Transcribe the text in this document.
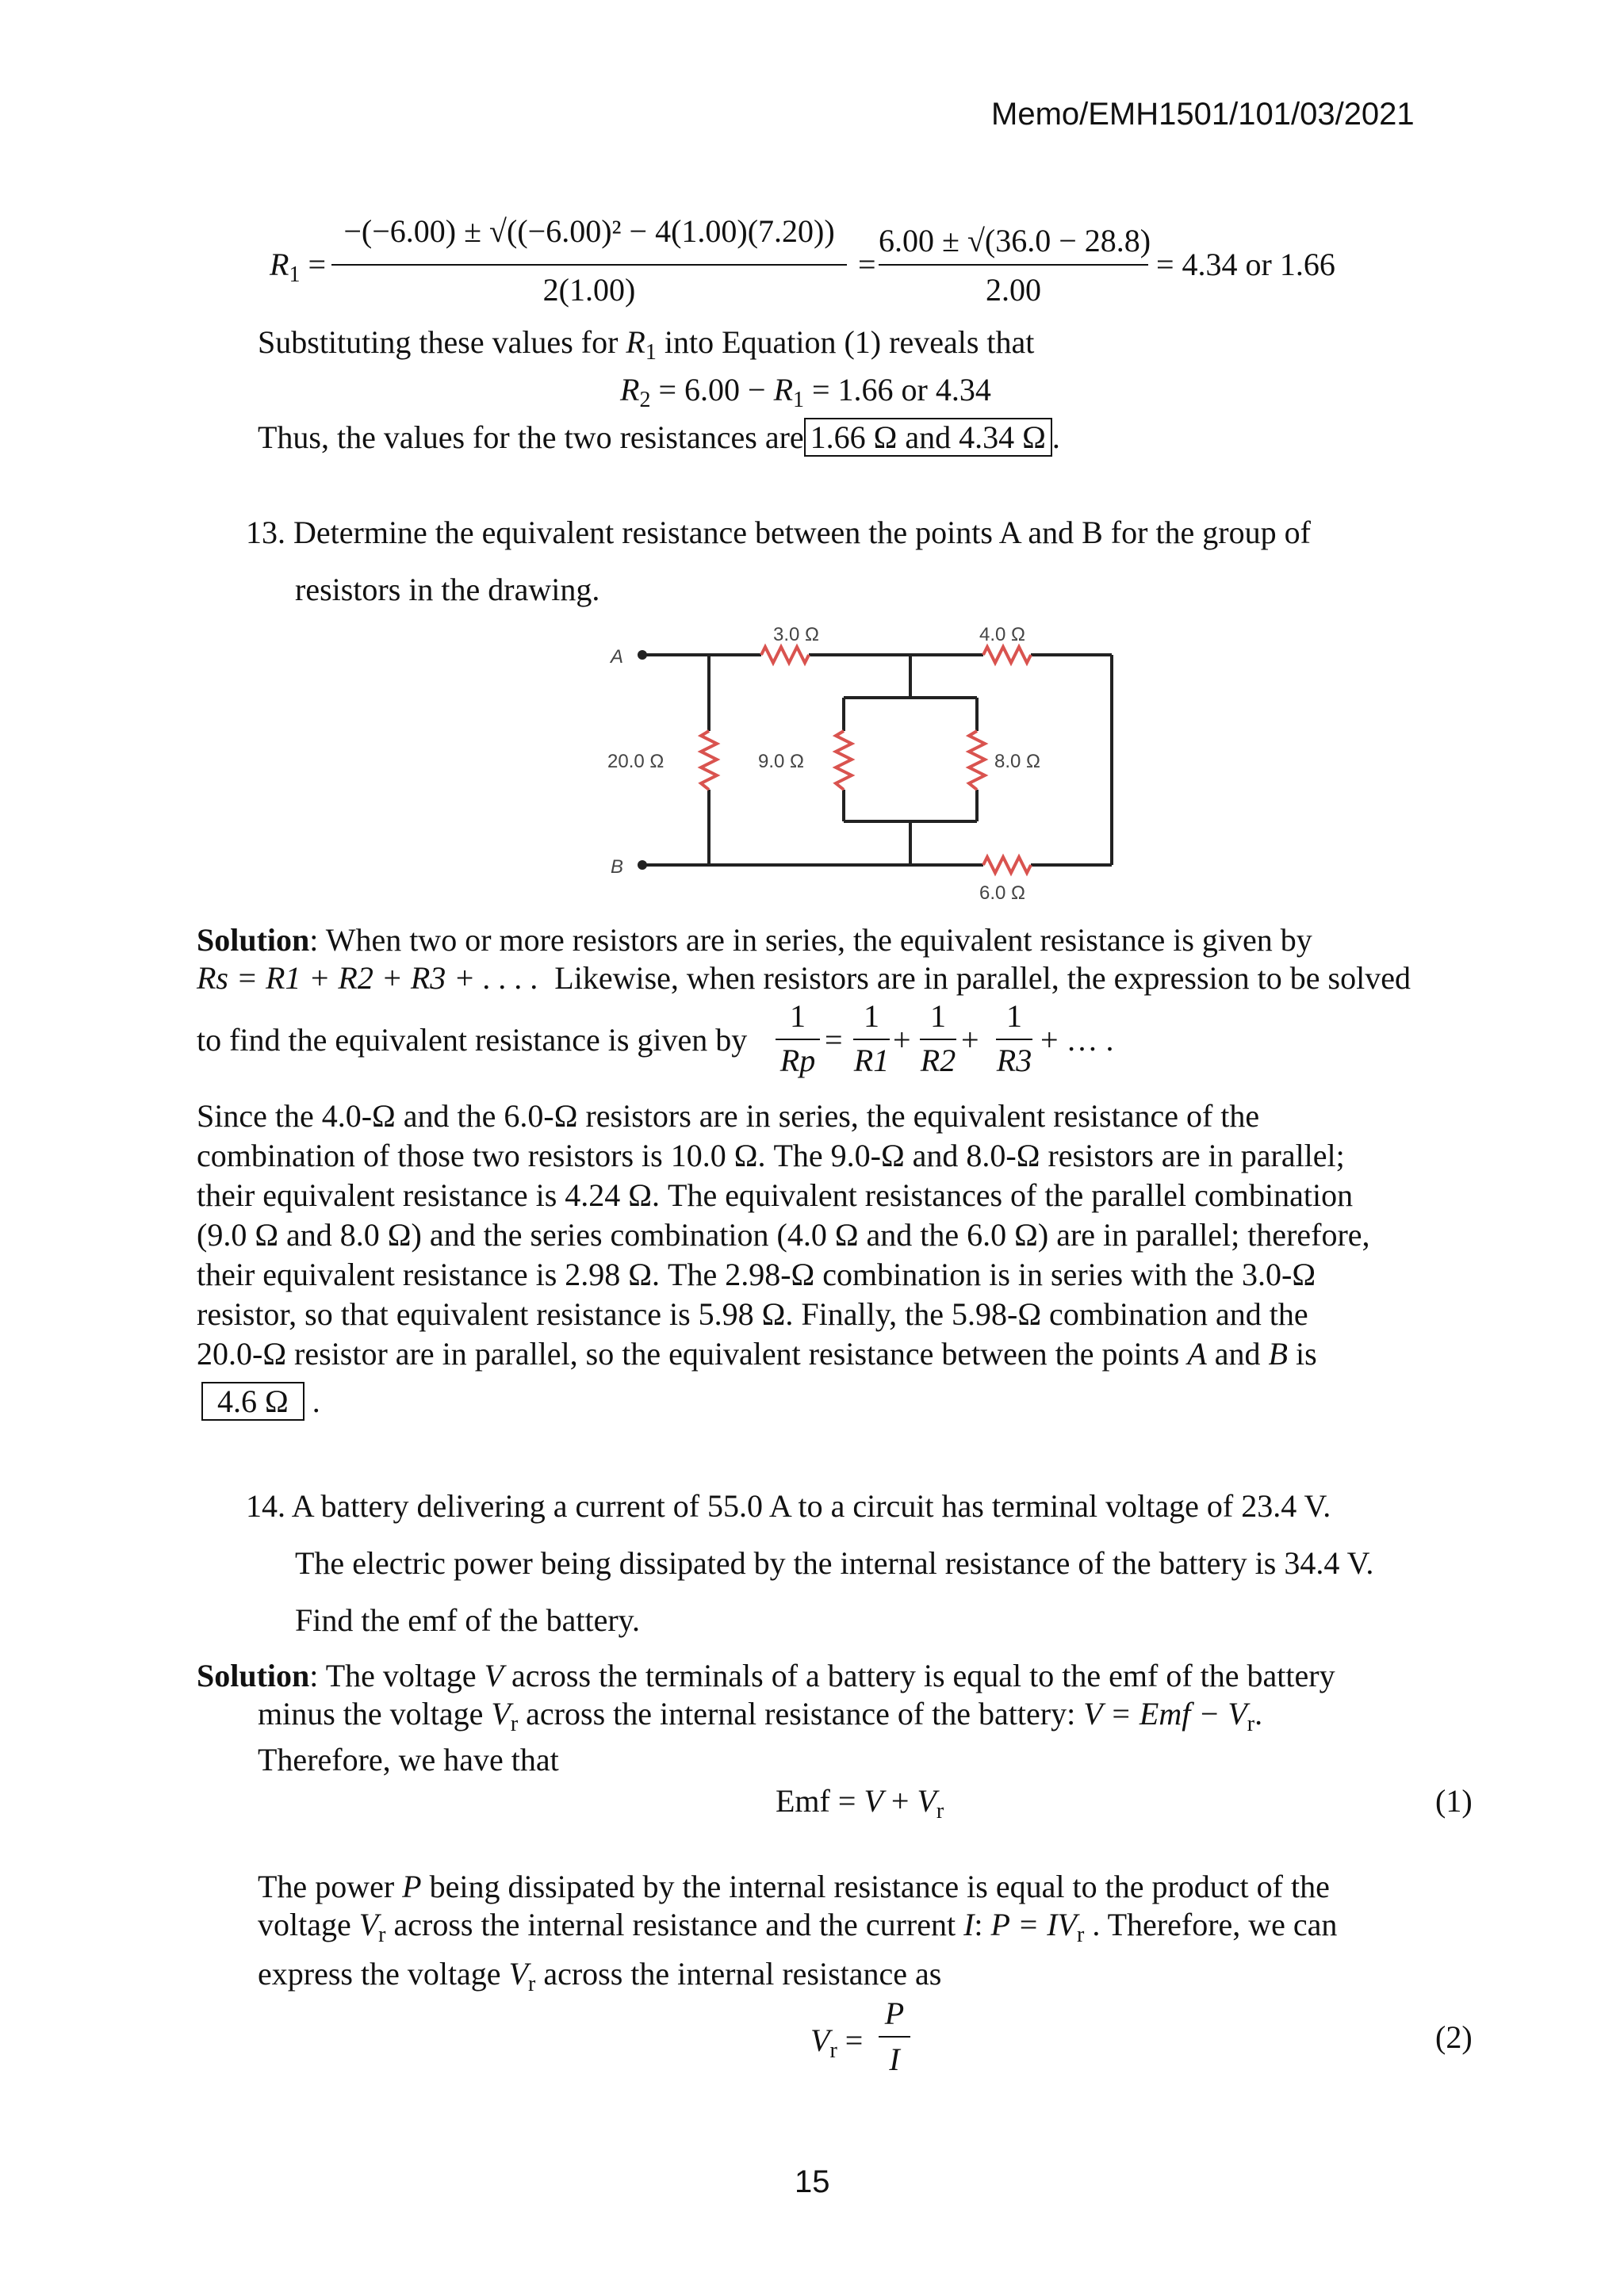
Memo/EMH1501/101/03/2021
$R_1$ =
−(−6.00) ± √((−6.00)² − 4(1.00)(7.20))
2(1.00)
=
6.00 ± √(36.0 − 28.8)
2.00
= 4.34 or 1.66
Substituting these values for $R_1$ into Equation (1) reveals that
$R_2 = 6.00 - R_1 = 1.66$ or 4.34
Thus, the values for the two resistances are 1.66 Ω and 4.34 Ω .
13. Determine the equivalent resistance between the points A and B for the group of
resistors in the drawing.
A
B
3.0 Ω	4.0 Ω
20.0 Ω	9.0 Ω	8.0 Ω
6.0 Ω
Solution: When two or more resistors are in series, the equivalent resistance is given by
Rs = R1 + R2 + R3 + . . . . Likewise, when resistors are in parallel, the expression to be solved
to find the equivalent resistance is given by
1
Rp
=
1
R1
+
1
R2
+
1
R3
+ … .
Since the 4.0-Ω and the 6.0-Ω resistors are in series, the equivalent resistance of the
combination of those two resistors is 10.0 Ω. The 9.0-Ω and 8.0-Ω resistors are in parallel;
their equivalent resistance is 4.24 Ω. The equivalent resistances of the parallel combination
(9.0 Ω and 8.0 Ω) and the series combination (4.0 Ω and the 6.0 Ω) are in parallel; therefore,
their equivalent resistance is 2.98 Ω. The 2.98-Ω combination is in series with the 3.0-Ω
resistor, so that equivalent resistance is 5.98 Ω. Finally, the 5.98-Ω combination and the
20.0-Ω resistor are in parallel, so the equivalent resistance between the points A and B is
4.6 Ω .
14. A battery delivering a current of 55.0 A to a circuit has terminal voltage of 23.4 V.
The electric power being dissipated by the internal resistance of the battery is 34.4 V.
Find the emf of the battery.
Solution: The voltage V across the terminals of a battery is equal to the emf of the battery
minus the voltage $V_r$ across the internal resistance of the battery: V = Emf − $V_r$.
Therefore, we have that
Emf = $V + V_r$	(1)
The power P being dissipated by the internal resistance is equal to the product of the
voltage $V_r$ across the internal resistance and the current I: $P = IV_r$ . Therefore, we can
express the voltage $V_r$ across the internal resistance as
$V_r$ =
P
I
(2)
15
